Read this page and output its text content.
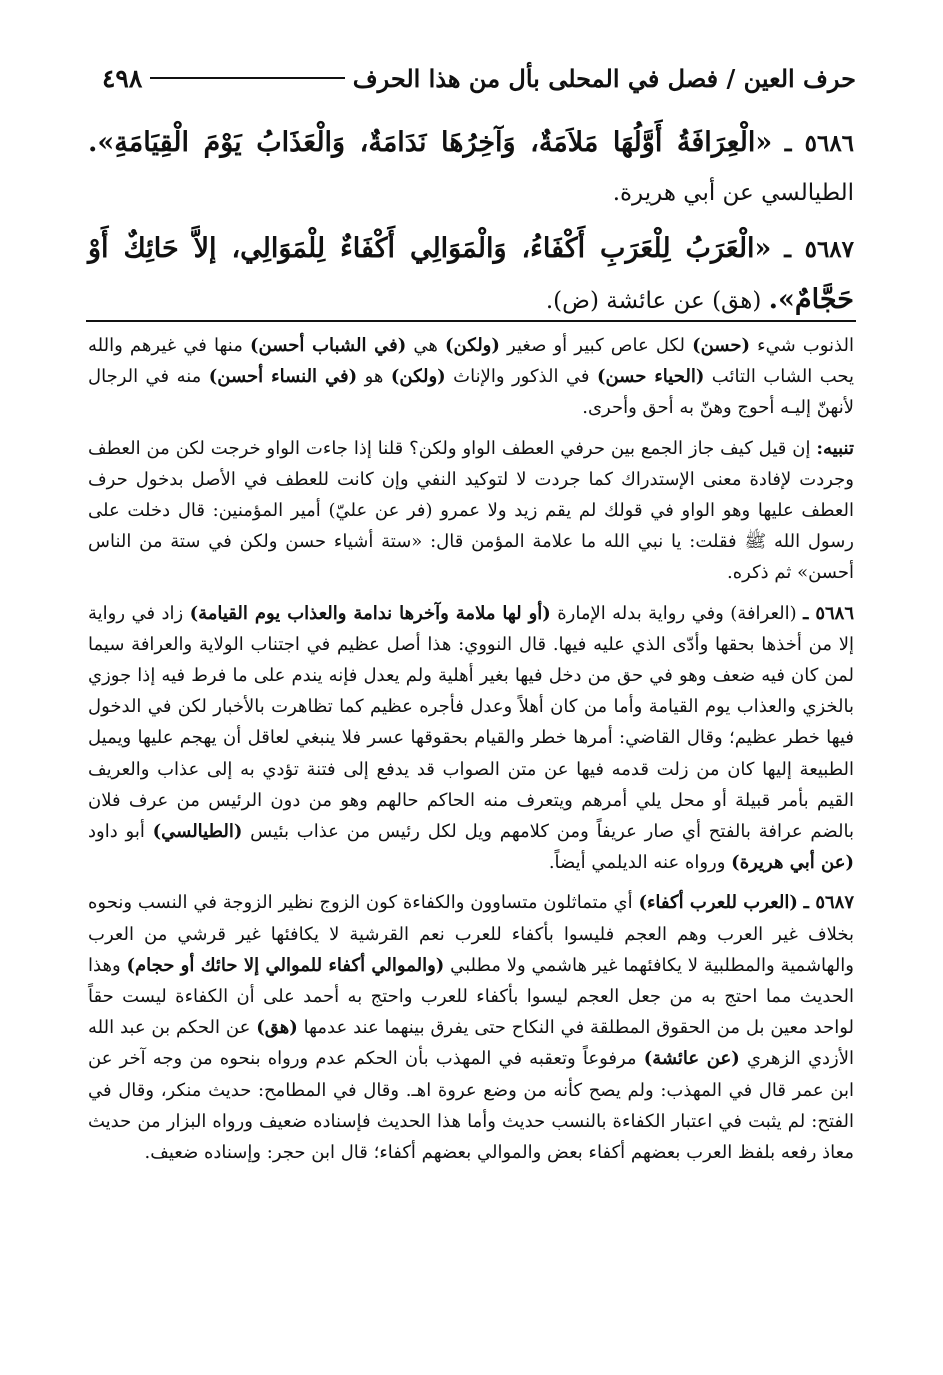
حرف العين / فصل في المحلى بأل من هذا الحرف
٤٩٨

٥٦٨٦ ـ «الْعِرَافَةُ أَوَّلُهَا مَلاَمَةٌ، وَآخِرُهَا نَدَامَةٌ، وَالْعَذَابُ يَوْمَ الْقِيَامَةِ». الطيالسي عن أبي هريرة.

٥٦٨٧ ـ «الْعَرَبُ لِلْعَرَبِ أَكْفَاءُ، وَالْمَوَالِي أَكْفَاءٌ لِلْمَوَالِي، إلاَّ حَائِكٌ أَوْ حَجَّامٌ». (هق) عن عائشة (ض).

الذنوب شيء (حسن) لكل عاص كبير أو صغير (ولكن) هي (في الشباب أحسن) منها في غيرهم والله يحب الشاب التائب (الحياء حسن) في الذكور والإناث (ولكن) هو (في النساء أحسن) منه في الرجال لأنهنّ إليـه أحوج وهنّ به أحق وأحرى.

تنبيه: إن قيل كيف جاز الجمع بين حرفي العطف الواو ولكن؟ قلنا إذا جاءت الواو خرجت لكن من العطف وجردت لإفادة معنى الإستدراك كما جردت لا لتوكيد النفي وإن كانت للعطف في الأصل بدخول حرف العطف عليها وهو الواو في قولك لم يقم زيد ولا عمرو (فر عن عليّ) أمير المؤمنين: قال دخلت على رسول الله ﷺ فقلت: يا نبي الله ما علامة المؤمن قال: «ستة أشياء حسن ولكن في ستة من الناس أحسن» ثم ذكره.

٥٦٨٦ ـ (العرافة) وفي رواية بدله الإمارة (أو لها ملامة وآخرها ندامة والعذاب يوم القيامة) زاد في رواية إلا من أخذها بحقها وأدّى الذي عليه فيها. قال النووي: هذا أصل عظيم في اجتناب الولاية والعرافة سيما لمن كان فيه ضعف وهو في حق من دخل فيها بغير أهلية ولم يعدل فإنه يندم على ما فرط فيه إذا جوزي بالخزي والعذاب يوم القيامة وأما من كان أهلاً وعدل فأجره عظيم كما تظاهرت بالأخبار لكن في الدخول فيها خطر عظيم؛ وقال القاضي: أمرها خطر والقيام بحقوقها عسر فلا ينبغي لعاقل أن يهجم عليها ويميل الطبيعة إليها كان من زلت قدمه فيها عن متن الصواب قد يدفع إلى فتنة تؤدي به إلى عذاب والعريف القيم بأمر قبيلة أو محل يلي أمرهم ويتعرف منه الحاكم حالهم وهو من دون الرئيس من عرف فلان بالضم عرافة بالفتح أي صار عريفاً ومن كلامهم ويل لكل رئيس من عذاب بئيس (الطيالسي) أبو داود (عن أبي هريرة) ورواه عنه الديلمي أيضاً.

٥٦٨٧ ـ (العرب للعرب أكفاء) أي متماثلون متساوون والكفاءة كون الزوج نظير الزوجة في النسب ونحوه بخلاف غير العرب وهم العجم فليسوا بأكفاء للعرب نعم القرشية لا يكافئها غير قرشي من العرب والهاشمية والمطلبية لا يكافئهما غير هاشمي ولا مطلبي (والموالي أكفاء للموالي إلا حائك أو حجام) وهذا الحديث مما احتج به من جعل العجم ليسوا بأكفاء للعرب واحتج به أحمد على أن الكفاءة ليست حقاً لواحد معين بل من الحقوق المطلقة في النكاح حتى يفرق بينهما عند عدمها (هق) عن الحكم بن عبد الله الأزدي الزهري (عن عائشة) مرفوعاً وتعقبه في المهذب بأن الحكم عدم ورواه بنحوه من وجه آخر عن ابن عمر قال في المهذب: ولم يصح كأنه من وضع عروة اهـ. وقال في المطامح: حديث منكر، وقال في الفتح: لم يثبت في اعتبار الكفاءة بالنسب حديث وأما هذا الحديث فإسناده ضعيف ورواه البزار من حديث معاذ رفعه بلفظ العرب بعضهم أكفاء بعض والموالي بعضهم أكفاء؛ قال ابن حجر: وإسناده ضعيف.
